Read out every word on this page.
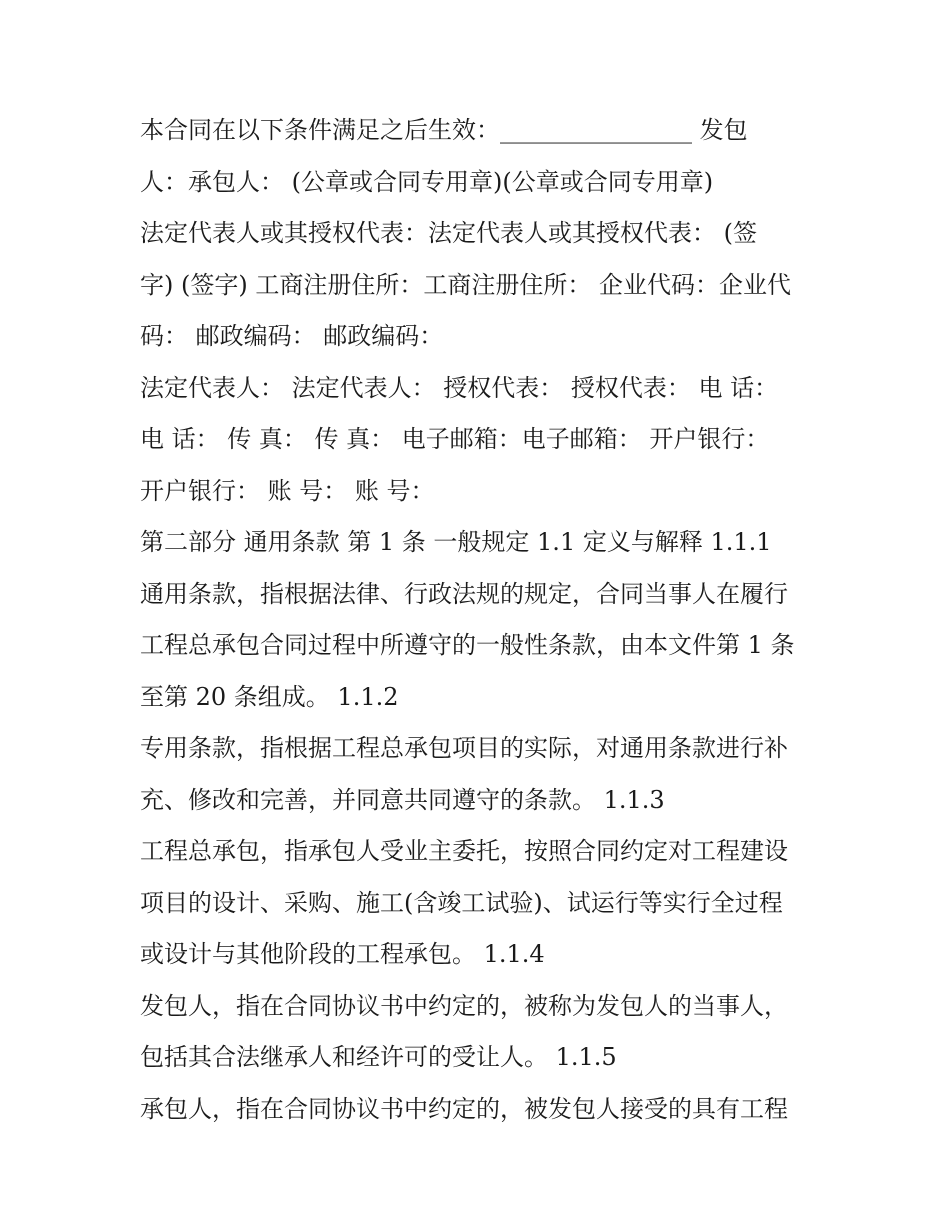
本合同在以下条件满足之后生效：________________ 发包
人：承包人： (公章或合同专用章)(公章或合同专用章)
法定代表人或其授权代表：法定代表人或其授权代表： (签
字) (签字) 工商注册住所：工商注册住所： 企业代码：企业代
码： 邮政编码： 邮政编码：
法定代表人： 法定代表人： 授权代表： 授权代表： 电 话：
电 话： 传 真： 传 真： 电子邮箱：电子邮箱： 开户银行：
开户银行： 账 号： 账 号：
第二部分 通用条款 第 1 条 一般规定 1.1 定义与解释 1.1.1
通用条款，指根据法律、行政法规的规定，合同当事人在履行
工程总承包合同过程中所遵守的一般性条款，由本文件第 1 条
至第 20 条组成。 1.1.2
专用条款，指根据工程总承包项目的实际，对通用条款进行补
充、修改和完善，并同意共同遵守的条款。 1.1.3
工程总承包，指承包人受业主委托，按照合同约定对工程建设
项目的设计、采购、施工(含竣工试验)、试运行等实行全过程
或设计与其他阶段的工程承包。 1.1.4
发包人，指在合同协议书中约定的，被称为发包人的当事人，
包括其合法继承人和经许可的受让人。 1.1.5
承包人，指在合同协议书中约定的，被发包人接受的具有工程
